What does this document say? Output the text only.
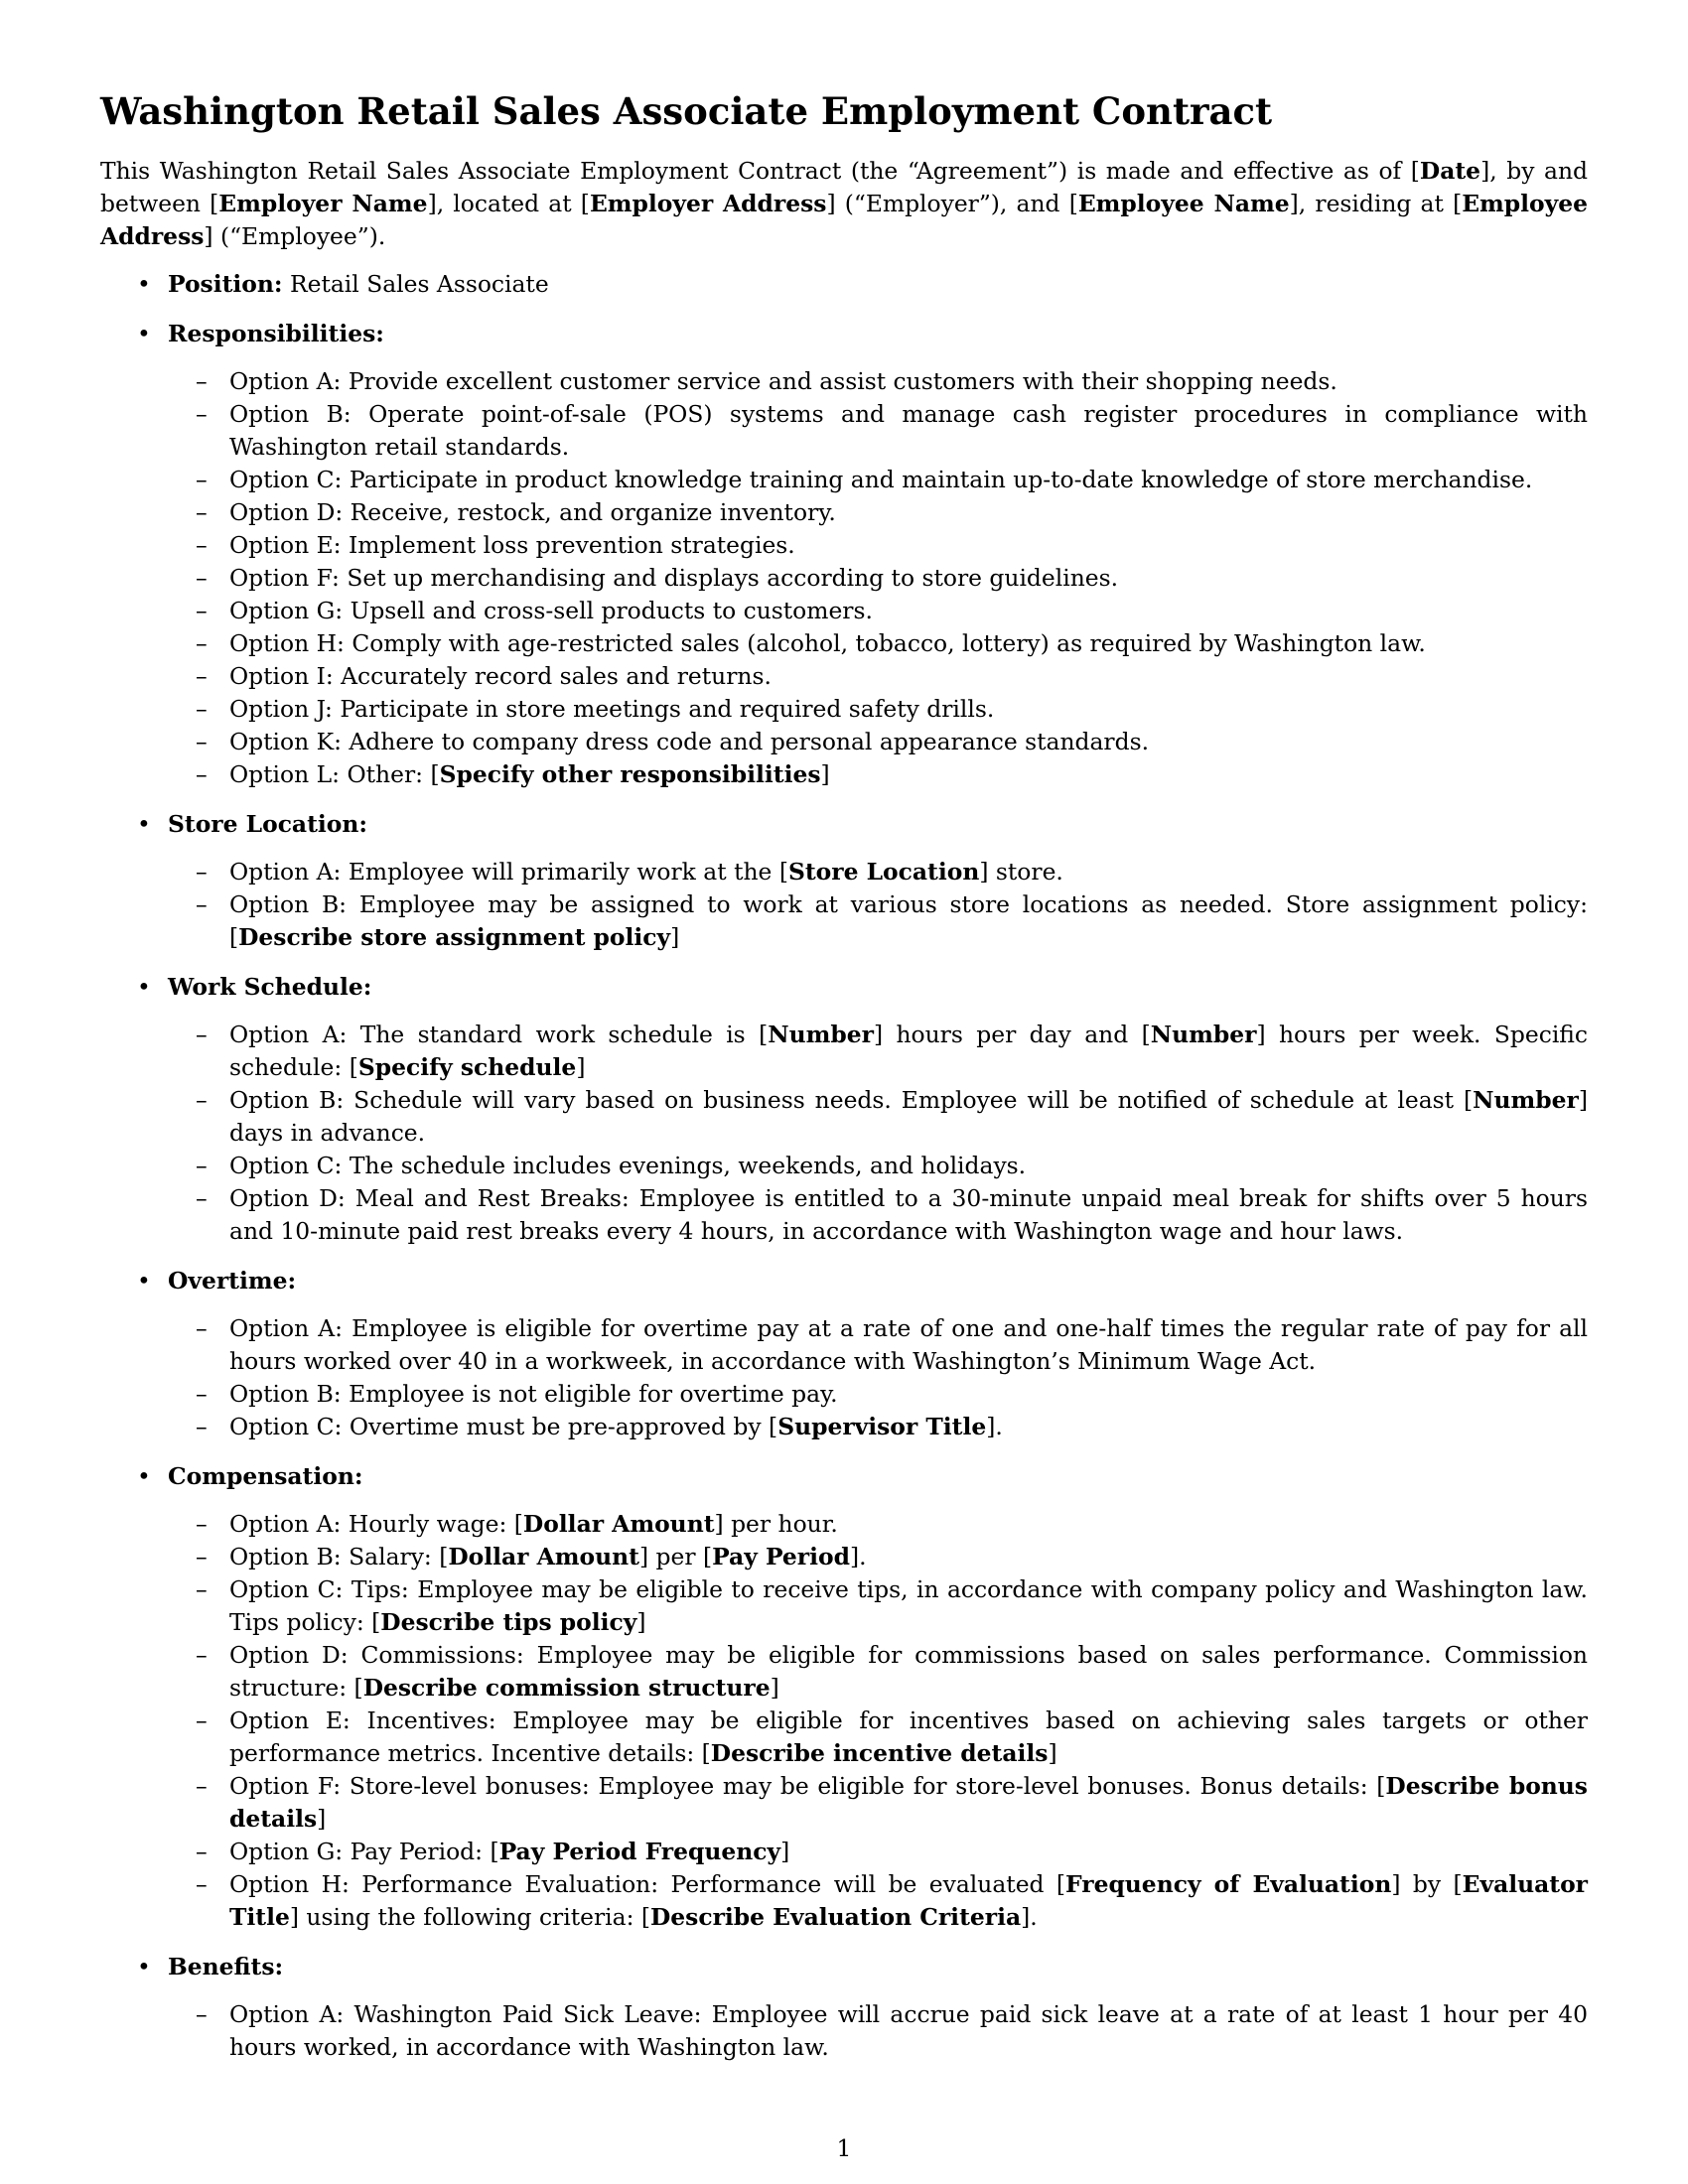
Washington Retail Sales Associate Employment Contract

This Washington Retail Sales Associate Employment Contract (the “Agreement”) is made and effective as of [Date], by and between [Employer Name], located at [Employer Address] (“Employer”), and [Employee Name], residing at [Employee Address] (“Employee”).

• Position: Retail Sales Associate
• Responsibilities:
– Option A: Provide excellent customer service and assist customers with their shopping needs.
– Option B: Operate point-of-sale (POS) systems and manage cash register procedures in compliance with Washington retail standards.
– Option C: Participate in product knowledge training and maintain up-to-date knowledge of store merchandise.
– Option D: Receive, restock, and organize inventory.
– Option E: Implement loss prevention strategies.
– Option F: Set up merchandising and displays according to store guidelines.
– Option G: Upsell and cross-sell products to customers.
– Option H: Comply with age-restricted sales (alcohol, tobacco, lottery) as required by Washington law.
– Option I: Accurately record sales and returns.
– Option J: Participate in store meetings and required safety drills.
– Option K: Adhere to company dress code and personal appearance standards.
– Option L: Other: [Specify other responsibilities]
• Store Location:
– Option A: Employee will primarily work at the [Store Location] store.
– Option B: Employee may be assigned to work at various store locations as needed. Store assignment policy: [Describe store assignment policy]
• Work Schedule:
– Option A: The standard work schedule is [Number] hours per day and [Number] hours per week. Specific schedule: [Specify schedule]
– Option B: Schedule will vary based on business needs. Employee will be notified of schedule at least [Number] days in advance.
– Option C: The schedule includes evenings, weekends, and holidays.
– Option D: Meal and Rest Breaks: Employee is entitled to a 30-minute unpaid meal break for shifts over 5 hours and 10-minute paid rest breaks every 4 hours, in accordance with Washington wage and hour laws.
• Overtime:
– Option A: Employee is eligible for overtime pay at a rate of one and one-half times the regular rate of pay for all hours worked over 40 in a workweek, in accordance with Washington’s Minimum Wage Act.
– Option B: Employee is not eligible for overtime pay.
– Option C: Overtime must be pre-approved by [Supervisor Title].
• Compensation:
– Option A: Hourly wage: [Dollar Amount] per hour.
– Option B: Salary: [Dollar Amount] per [Pay Period].
– Option C: Tips: Employee may be eligible to receive tips, in accordance with company policy and Washington law. Tips policy: [Describe tips policy]
– Option D: Commissions: Employee may be eligible for commissions based on sales performance. Commission structure: [Describe commission structure]
– Option E: Incentives: Employee may be eligible for incentives based on achieving sales targets or other performance metrics. Incentive details: [Describe incentive details]
– Option F: Store-level bonuses: Employee may be eligible for store-level bonuses. Bonus details: [Describe bonus details]
– Option G: Pay Period: [Pay Period Frequency]
– Option H: Performance Evaluation: Performance will be evaluated [Frequency of Evaluation] by [Evaluator Title] using the following criteria: [Describe Evaluation Criteria].
• Benefits:
– Option A: Washington Paid Sick Leave: Employee will accrue paid sick leave at a rate of at least 1 hour per 40 hours worked, in accordance with Washington law.
1
